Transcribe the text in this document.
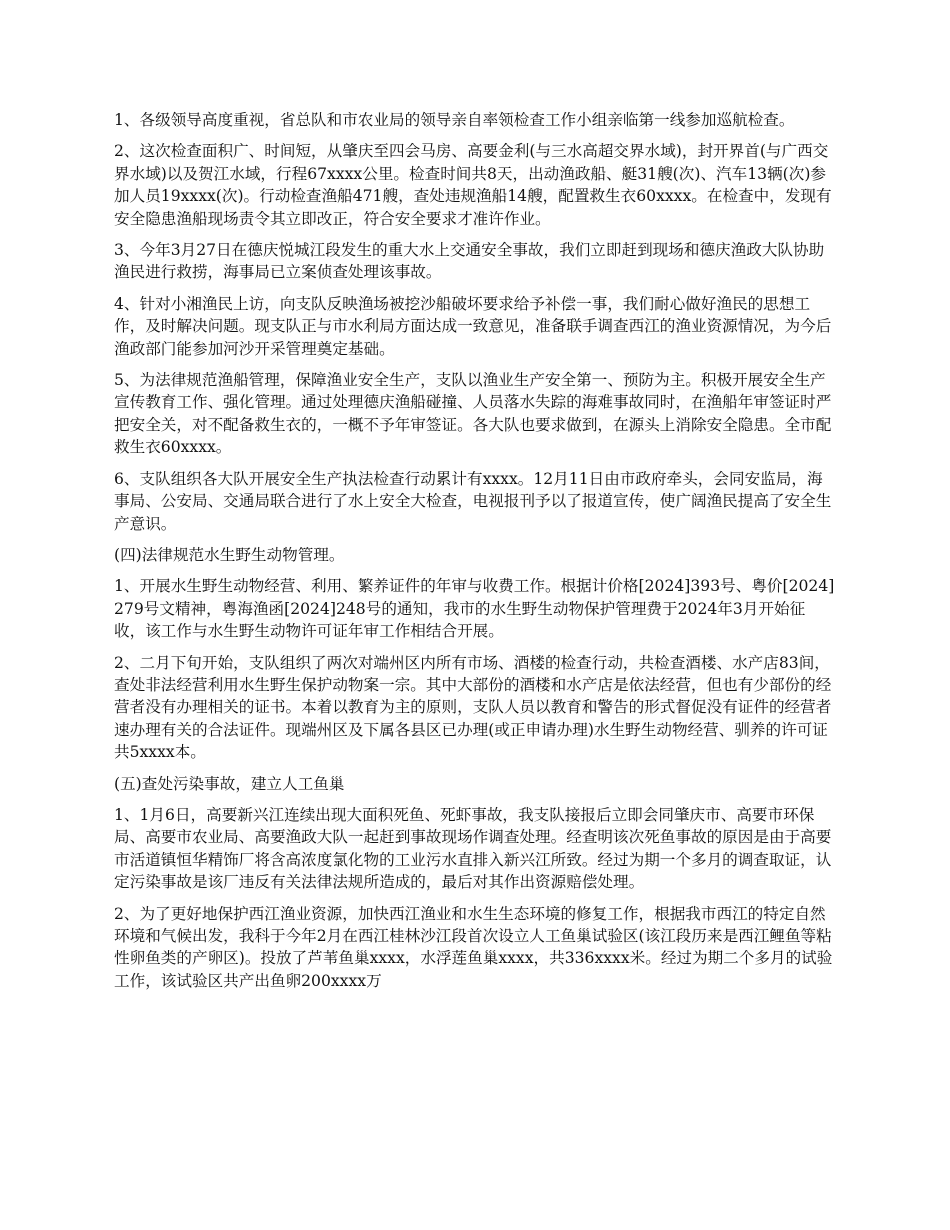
1、各级领导高度重视，省总队和市农业局的领导亲自率领检查工作小组亲临第一线参加巡航检查。

2、这次检查面积广、时间短，从肇庆至四会马房、高要金利(与三水高超交界水域)，封开界首(与广西交界水域)以及贺江水域，行程67xxxx公里。检查时间共8天，出动渔政船、艇31艘(次)、汽车13辆(次)参加人员19xxxx(次)。行动检查渔船471艘，查处违规渔船14艘，配置救生衣60xxxx。在检查中，发现有安全隐患渔船现场责令其立即改正，符合安全要求才准许作业。

3、今年3月27日在德庆悦城江段发生的重大水上交通安全事故，我们立即赶到现场和德庆渔政大队协助渔民进行救捞，海事局已立案侦查处理该事故。

4、针对小湘渔民上访，向支队反映渔场被挖沙船破坏要求给予补偿一事，我们耐心做好渔民的思想工作，及时解决问题。现支队正与市水利局方面达成一致意见，准备联手调查西江的渔业资源情况，为今后渔政部门能参加河沙开采管理奠定基础。

5、为法律规范渔船管理，保障渔业安全生产，支队以渔业生产安全第一、预防为主。积极开展安全生产宣传教育工作、强化管理。通过处理德庆渔船碰撞、人员落水失踪的海难事故同时，在渔船年审签证时严把安全关，对不配备救生衣的，一概不予年审签证。各大队也要求做到，在源头上消除安全隐患。全市配救生衣60xxxx。

6、支队组织各大队开展安全生产执法检查行动累计有xxxx。12月11日由市政府牵头，会同安监局，海事局、公安局、交通局联合进行了水上安全大检查，电视报刊予以了报道宣传，使广阔渔民提高了安全生产意识。

(四)法律规范水生野生动物管理。

1、开展水生野生动物经营、利用、繁养证件的年审与收费工作。根据计价格[2024]393号、粤价[2024]279号文精神，粤海渔函[2024]248号的通知，我市的水生野生动物保护管理费于2024年3月开始征收，该工作与水生野生动物许可证年审工作相结合开展。

2、二月下旬开始，支队组织了两次对端州区内所有市场、酒楼的检查行动，共检查酒楼、水产店83间，查处非法经营利用水生野生保护动物案一宗。其中大部份的酒楼和水产店是依法经营，但也有少部份的经营者没有办理相关的证书。本着以教育为主的原则，支队人员以教育和警告的形式督促没有证件的经营者速办理有关的合法证件。现端州区及下属各县区已办理(或正申请办理)水生野生动物经营、驯养的许可证共5xxxx本。

(五)查处污染事故，建立人工鱼巢

1、1月6日，高要新兴江连续出现大面积死鱼、死虾事故，我支队接报后立即会同肇庆市、高要市环保局、高要市农业局、高要渔政大队一起赶到事故现场作调查处理。经查明该次死鱼事故的原因是由于高要市活道镇恒华精饰厂将含高浓度氯化物的工业污水直排入新兴江所致。经过为期一个多月的调查取证，认定污染事故是该厂违反有关法律法规所造成的，最后对其作出资源赔偿处理。

2、为了更好地保护西江渔业资源，加快西江渔业和水生生态环境的修复工作，根据我市西江的特定自然环境和气候出发，我科于今年2月在西江桂林沙江段首次设立人工鱼巢试验区(该江段历来是西江鲤鱼等粘性卵鱼类的产卵区)。投放了芦苇鱼巢xxxx，水浮莲鱼巢xxxx，共336xxxx米。经过为期二个多月的试验工作，该试验区共产出鱼卵200xxxx万
